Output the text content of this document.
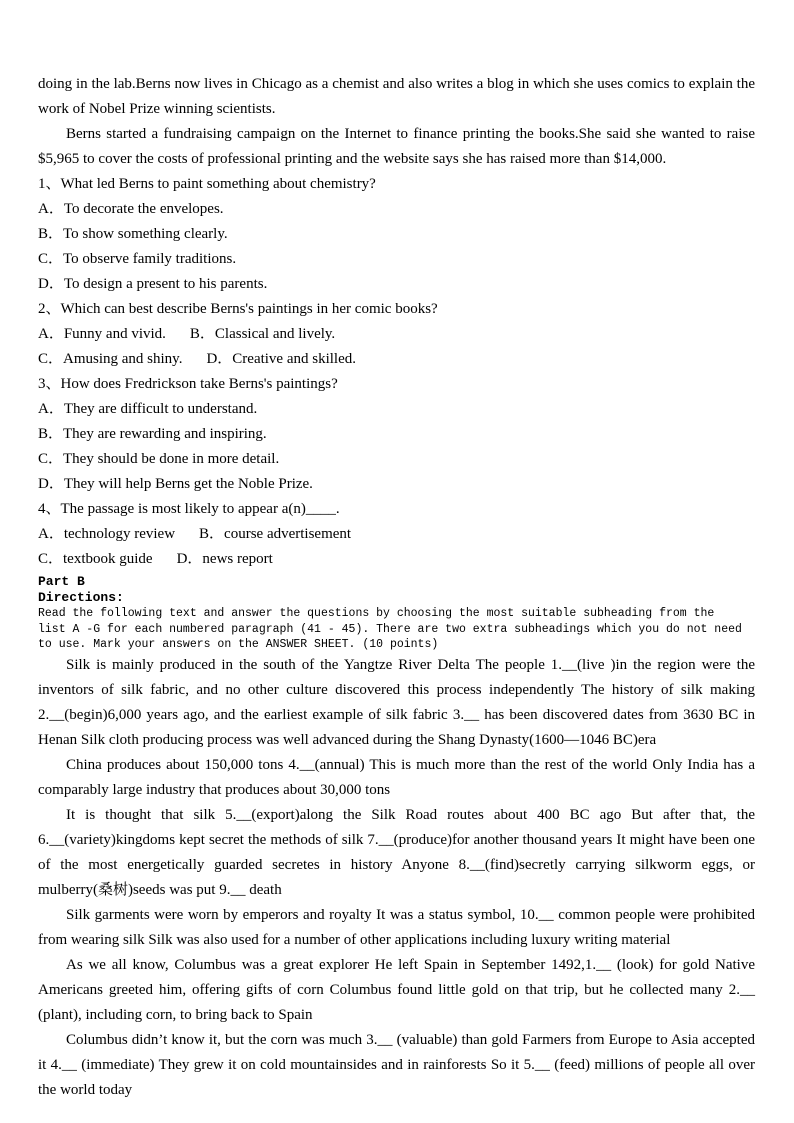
doing in the lab.Berns now lives in Chicago as a chemist and also writes a blog in which she uses comics to explain the work of Nobel Prize winning scientists.

Berns started a fundraising campaign on the Internet to finance printing the books.She said she wanted to raise $5,965 to cover the costs of professional printing and the website says she has raised more than $14,000.

1、What led Berns to paint something about chemistry?
A．To decorate the envelopes.
B．To show something clearly.
C．To observe family traditions.
D．To design a present to his parents.
2、Which can best describe Berns's paintings in her comic books?
A．Funny and vivid. B．Classical and lively.
C．Amusing and shiny. D．Creative and skilled.
3、How does Fredrickson take Berns's paintings?
A．They are difficult to understand.
B．They are rewarding and inspiring.
C．They should be done in more detail.
D．They will help Berns get the Noble Prize.
4、The passage is most likely to appear a(n)____.
A．technology review B．course advertisement
C．textbook guide D．news report
Part B
Directions:
Read the following text and answer the questions by choosing the most suitable subheading from the
list A -G for each numbered paragraph (41 - 45). There are two extra subheadings which you do not need
to use. Mark your answers on the ANSWER SHEET. (10 points)

Silk is mainly produced in the south of the Yangtze River Delta The people 1.__(live )in the region were the inventors of silk fabric, and no other culture discovered this process independently The history of silk making 2.__(begin)6,000 years ago, and the earliest example of silk fabric 3.__ has been discovered dates from 3630 BC in Henan Silk cloth producing process was well advanced during the Shang Dynasty(1600—1046 BC)era

China produces about 150,000 tons 4.__(annual) This is much more than the rest of the world Only India has a comparably large industry that produces about 30,000 tons

It is thought that silk 5.__(export)along the Silk Road routes about 400 BC ago But after that, the 6.__(variety)kingdoms kept secret the methods of silk 7.__(produce)for another thousand years It might have been one of the most energetically guarded secretes in history Anyone 8.__(find)secretly carrying silkworm eggs, or mulberry(桑树)seeds was put 9.__ death

Silk garments were worn by emperors and royalty It was a status symbol, 10.__ common people were prohibited from wearing silk Silk was also used for a number of other applications including luxury writing material

As we all know, Columbus was a great explorer He left Spain in September 1492,1.__ (look) for gold Native Americans greeted him, offering gifts of corn Columbus found little gold on that trip, but he collected many 2.__ (plant), including corn, to bring back to Spain

Columbus didn’t know it, but the corn was much 3.__ (valuable) than gold Farmers from Europe to Asia accepted it 4.__ (immediate) They grew it on cold mountainsides and in rainforests So it 5.__ (feed) millions of people all over the world today
